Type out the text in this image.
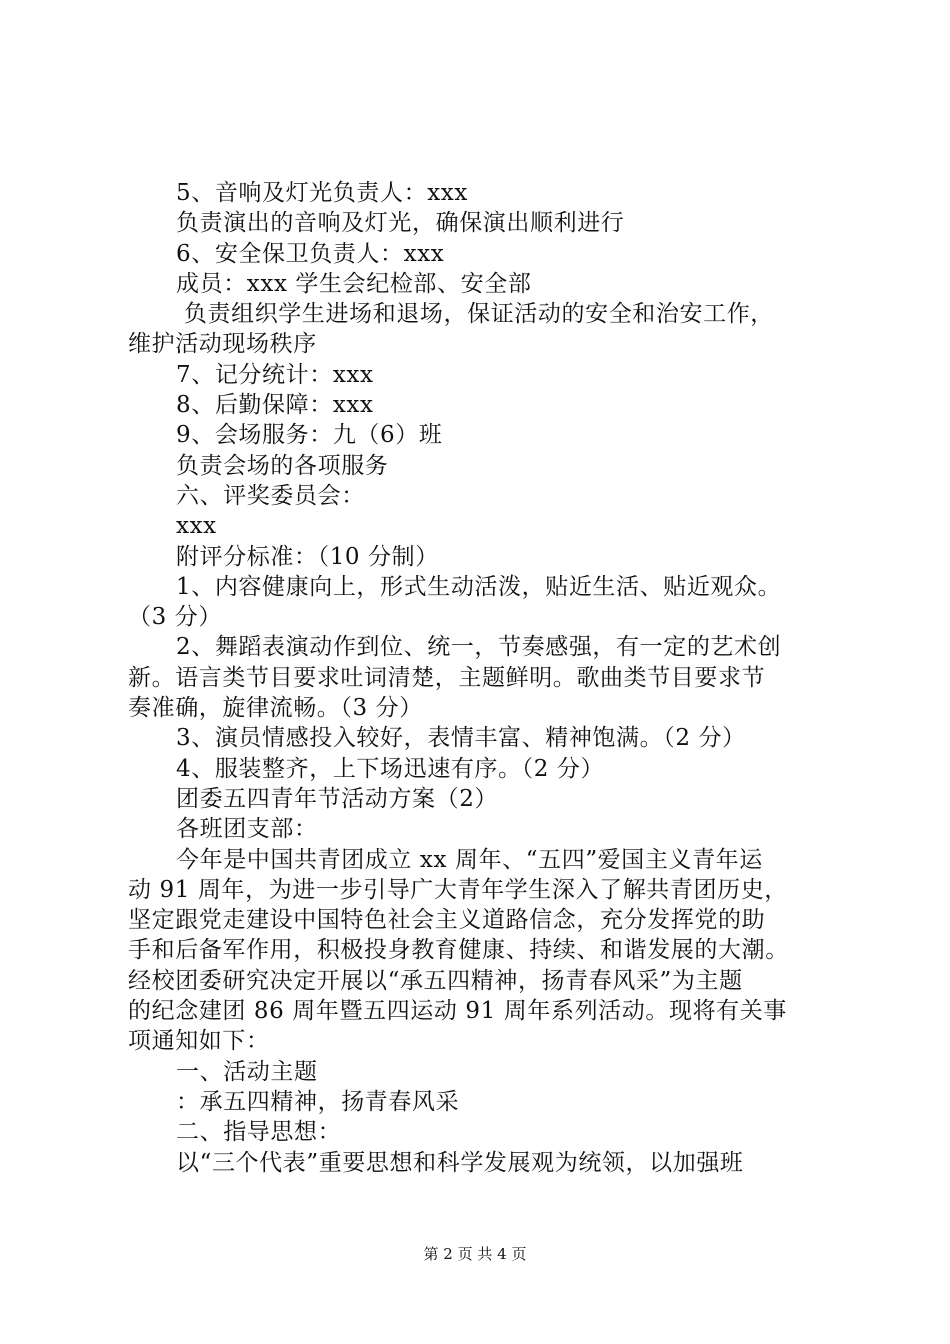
5、音响及灯光负责人：xxx
负责演出的音响及灯光，确保演出顺利进行
6、安全保卫负责人：xxx
成员：xxx 学生会纪检部、安全部
负责组织学生进场和退场，保证活动的安全和治安工作，
维护活动现场秩序
7、记分统计：xxx
8、后勤保障：xxx
9、会场服务：九（6）班
负责会场的各项服务
六、评奖委员会：
xxx
附评分标准：（10 分制）
1、内容健康向上，形式生动活泼，贴近生活、贴近观众。
（3 分）
2、舞蹈表演动作到位、统一，节奏感强，有一定的艺术创
新。语言类节目要求吐词清楚，主题鲜明。歌曲类节目要求节
奏准确，旋律流畅。（3 分）
3、演员情感投入较好，表情丰富、精神饱满。（2 分）
4、服装整齐，上下场迅速有序。（2 分）
团委五四青年节活动方案（2）
各班团支部：
今年是中国共青团成立 xx 周年、“五四”爱国主义青年运
动 91 周年，为进一步引导广大青年学生深入了解共青团历史，
坚定跟党走建设中国特色社会主义道路信念，充分发挥党的助
手和后备军作用，积极投身教育健康、持续、和谐发展的大潮。
经校团委研究决定开展以“承五四精神，扬青春风采”为主题
的纪念建团 86 周年暨五四运动 91 周年系列活动。现将有关事
项通知如下：
一、活动主题
：承五四精神，扬青春风采
二、指导思想：
以“三个代表”重要思想和科学发展观为统领，以加强班
第 2 页 共 4 页
